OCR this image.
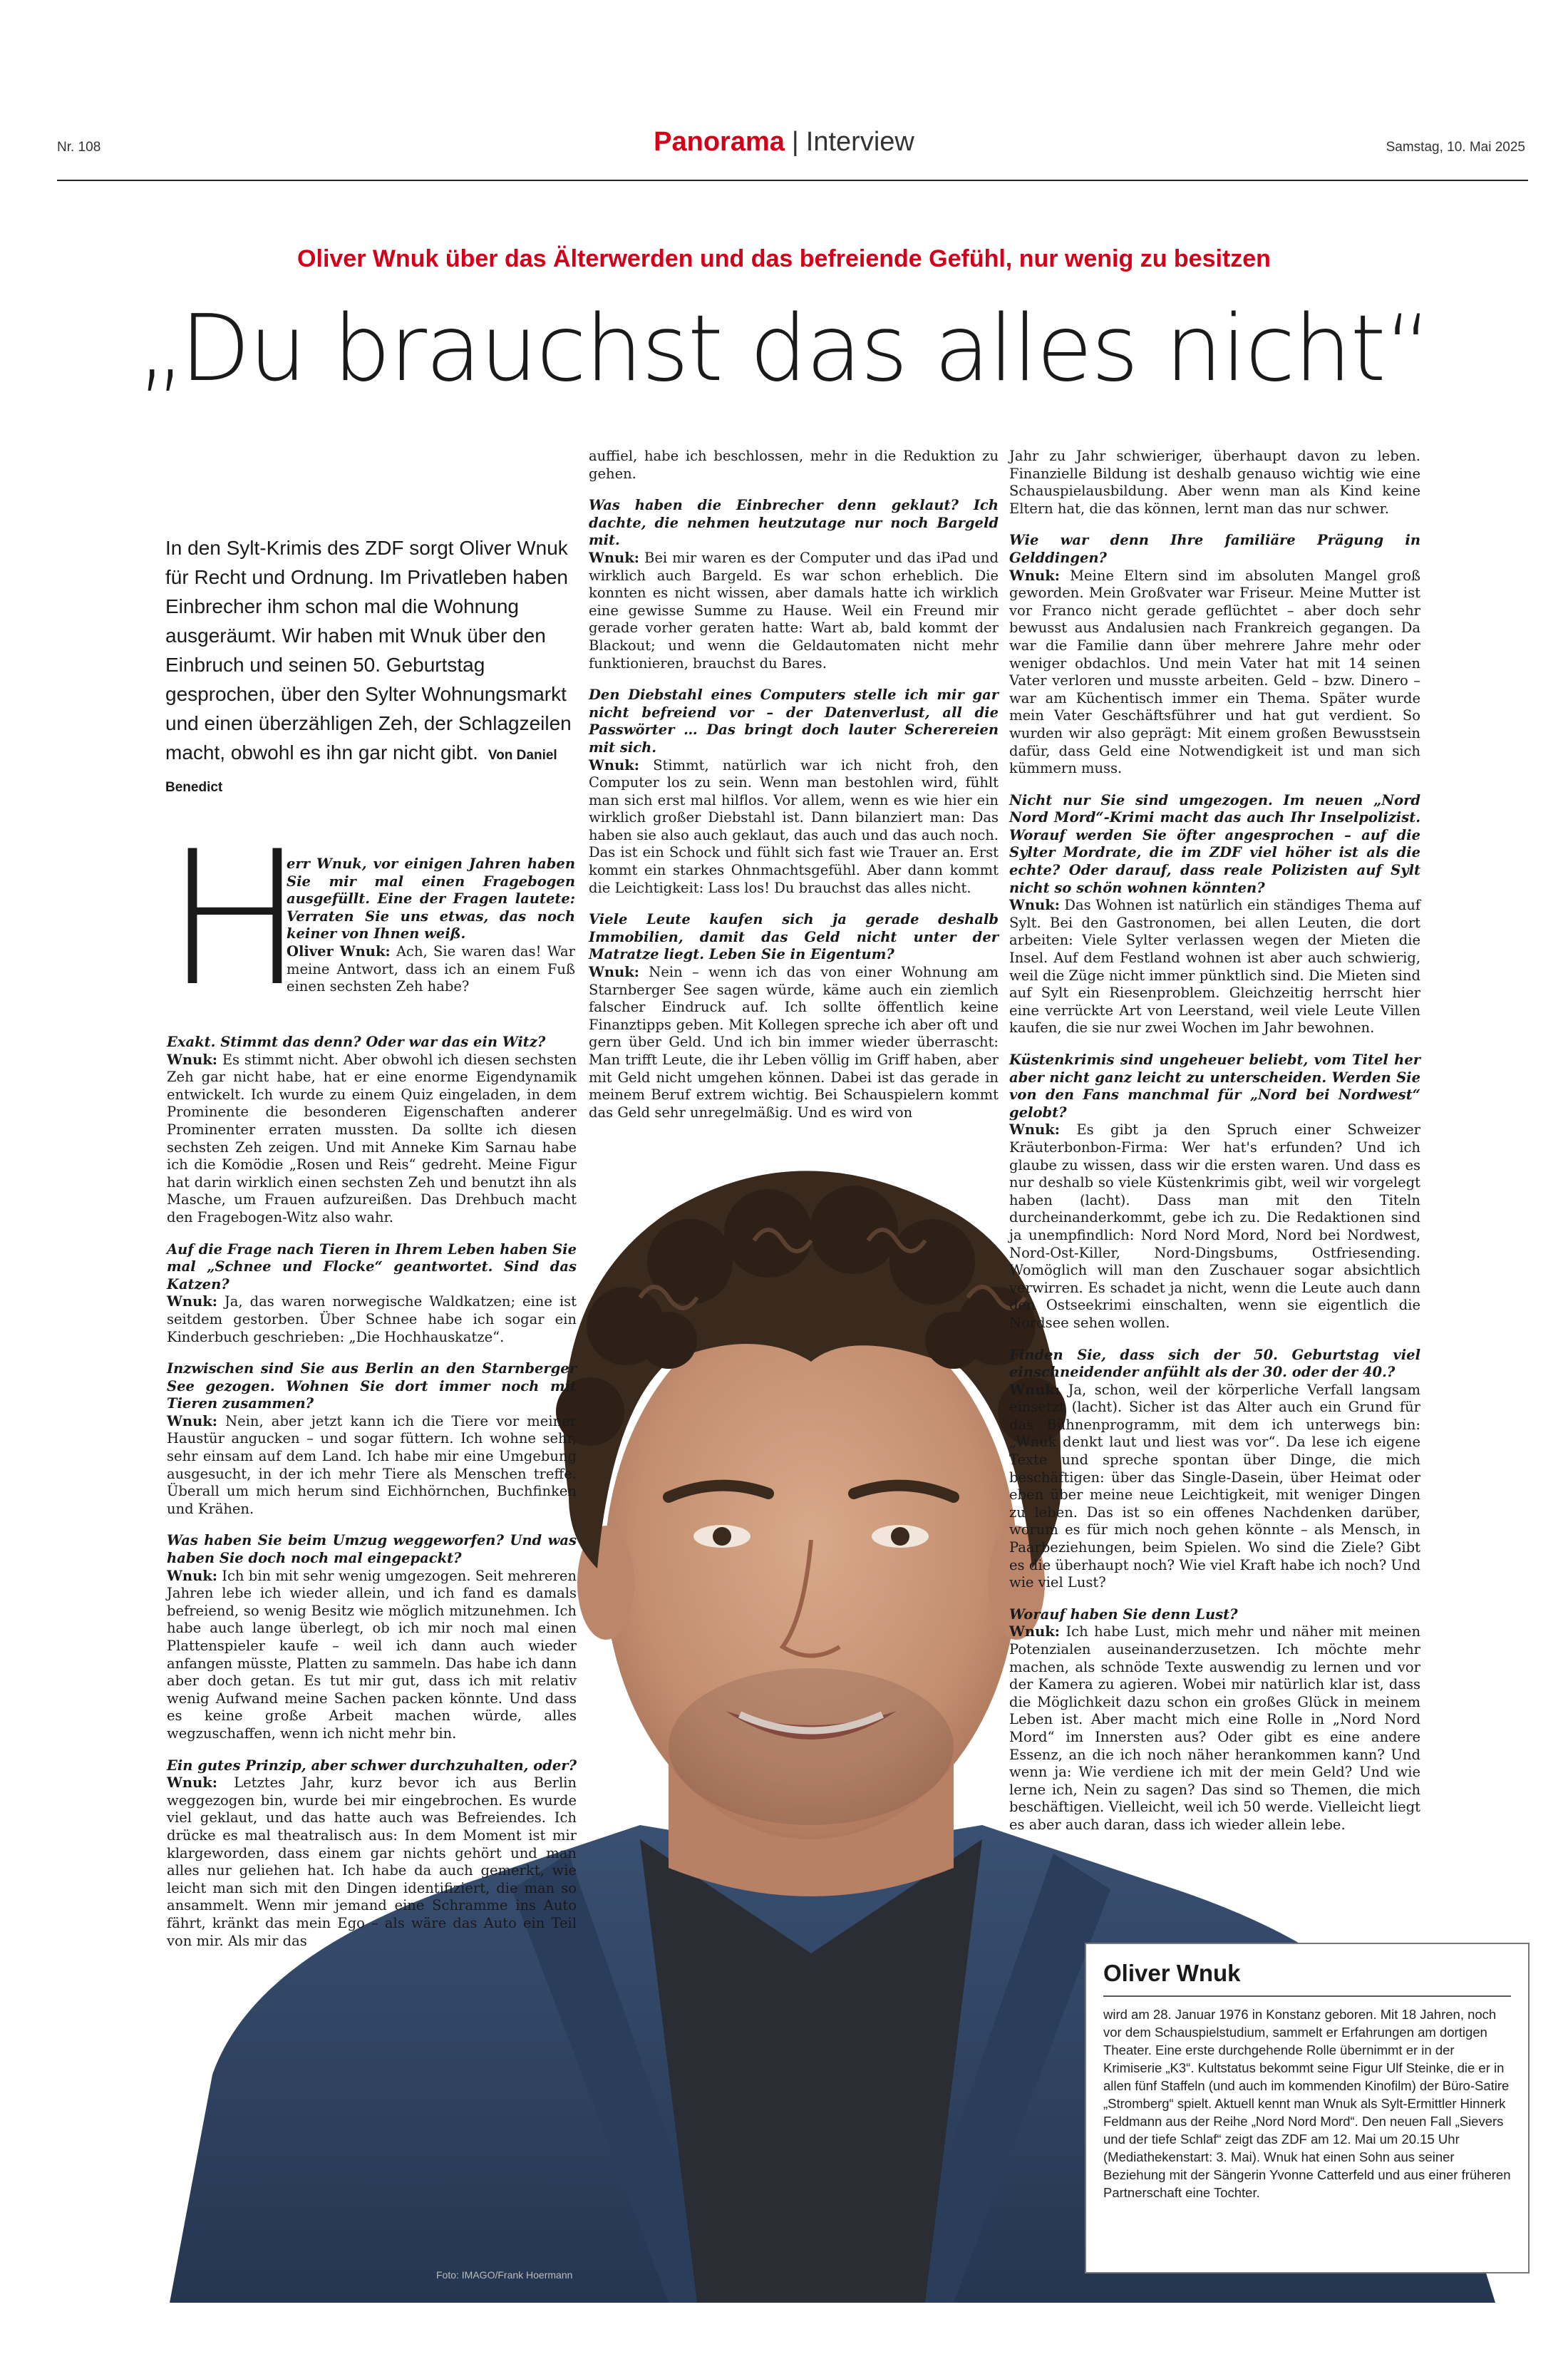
Nr. 108	Panorama | Interview	Samstag, 10. Mai 2025
Oliver Wnuk über das Älterwerden und das befreiende Gefühl, nur wenig zu besitzen
„Du brauchst das alles nicht“
In den Sylt-Krimis des ZDF sorgt Oliver Wnuk für Recht und Ordnung. Im Privatleben haben Einbrecher ihm schon mal die Wohnung ausgeräumt. Wir haben mit Wnuk über den Einbruch und seinen 50. Geburtstag gesprochen, über den Sylter Wohnungsmarkt und einen überzähligen Zeh, der Schlagzeilen macht, obwohl es ihn gar nicht gibt. Von Daniel Benedict
Foto: IMAGO/Frank Hoermann
H

err Wnuk, vor einigen Jahren haben Sie mir mal einen Fragebogen ausgefüllt. Eine der Fragen lautete: Verraten Sie uns etwas, das noch keiner von Ihnen weiß.

Oliver Wnuk: Ach, Sie waren das! War meine Antwort, dass ich an einem Fuß einen sechsten Zeh habe?

Exakt. Stimmt das denn? Oder war das ein Witz?

Wnuk: Es stimmt nicht. Aber obwohl ich diesen sechsten Zeh gar nicht habe, hat er eine enorme Eigendynamik entwickelt. Ich wurde zu einem Quiz eingeladen, in dem Prominente die besonderen Eigenschaften anderer Prominenter erraten mussten. Da sollte ich diesen sechsten Zeh zeigen. Und mit Anneke Kim Sarnau habe ich die Komödie „Rosen und Reis“ gedreht. Meine Figur hat darin wirklich einen sechsten Zeh und benutzt ihn als Masche, um Frauen aufzureißen. Das Drehbuch macht den Fragebogen-Witz also wahr.

Auf die Frage nach Tieren in Ihrem Leben haben Sie mal „Schnee und Flocke“ geantwortet. Sind das Katzen?

Wnuk: Ja, das waren norwegische Waldkatzen; eine ist seitdem gestorben. Über Schnee habe ich sogar ein Kinderbuch geschrieben: „Die Hochhauskatze“.

Inzwischen sind Sie aus Berlin an den Starnberger See gezogen. Wohnen Sie dort immer noch mit Tieren zusammen?

Wnuk: Nein, aber jetzt kann ich die Tiere vor meiner Haustür angucken – und sogar füttern. Ich wohne sehr, sehr einsam auf dem Land. Ich habe mir eine Umgebung ausgesucht, in der ich mehr Tiere als Menschen treffe. Überall um mich herum sind Eichhörnchen, Buchfinken und Krähen.

Was haben Sie beim Umzug weggeworfen? Und was haben Sie doch noch mal eingepackt?

Wnuk: Ich bin mit sehr wenig umgezogen. Seit mehreren Jahren lebe ich wieder allein, und ich fand es damals befreiend, so wenig Besitz wie möglich mitzunehmen. Ich habe auch lange überlegt, ob ich mir noch mal einen Plattenspieler kaufe – weil ich dann auch wieder anfangen müsste, Platten zu sammeln. Das habe ich dann aber doch getan. Es tut mir gut, dass ich mit relativ wenig Aufwand meine Sachen packen könnte. Und dass es keine große Arbeit machen würde, alles wegzuschaffen, wenn ich nicht mehr bin.

Ein gutes Prinzip, aber schwer durchzuhalten, oder?

Wnuk: Letztes Jahr, kurz bevor ich aus Berlin weggezogen bin, wurde bei mir eingebrochen. Es wurde viel geklaut, und das hatte auch was Befreiendes. Ich drücke es mal theatralisch aus: In dem Moment ist mir klargeworden, dass einem gar nichts gehört und man alles nur geliehen hat. Ich habe da auch gemerkt, wie leicht man sich mit den Dingen identifiziert, die man so ansammelt. Wenn mir jemand eine Schramme ins Auto fährt, kränkt das mein Ego – als wäre das Auto ein Teil von mir. Als mir das

auffiel, habe ich beschlossen, mehr in die Reduktion zu gehen.

Was haben die Einbrecher denn geklaut? Ich dachte, die nehmen heutzutage nur noch Bargeld mit.

Wnuk: Bei mir waren es der Computer und das iPad und wirklich auch Bargeld. Es war schon erheblich. Die konnten es nicht wissen, aber damals hatte ich wirklich eine gewisse Summe zu Hause. Weil ein Freund mir gerade vorher geraten hatte: Wart ab, bald kommt der Blackout; und wenn die Geldautomaten nicht mehr funktionieren, brauchst du Bares.

Den Diebstahl eines Computers stelle ich mir gar nicht befreiend vor – der Datenverlust, all die Passwörter … Das bringt doch lauter Scherereien mit sich.

Wnuk: Stimmt, natürlich war ich nicht froh, den Computer los zu sein. Wenn man bestohlen wird, fühlt man sich erst mal hilflos. Vor allem, wenn es wie hier ein wirklich großer Diebstahl ist. Dann bilanziert man: Das haben sie also auch geklaut, das auch und das auch noch. Das ist ein Schock und fühlt sich fast wie Trauer an. Erst kommt ein starkes Ohnmachtsgefühl. Aber dann kommt die Leichtigkeit: Lass los! Du brauchst das alles nicht.

Viele Leute kaufen sich ja gerade deshalb Immobilien, damit das Geld nicht unter der Matratze liegt. Leben Sie in Eigentum?

Wnuk: Nein – wenn ich das von einer Wohnung am Starnberger See sagen würde, käme auch ein ziemlich falscher Eindruck auf. Ich sollte öffentlich keine Finanztipps geben. Mit Kollegen spreche ich aber oft und gern über Geld. Und ich bin immer wieder überrascht: Man trifft Leute, die ihr Leben völlig im Griff haben, aber mit Geld nicht umgehen können. Dabei ist das gerade in meinem Beruf extrem wichtig. Bei Schauspielern kommt das Geld sehr unregelmäßig. Und es wird von

Jahr zu Jahr schwieriger, überhaupt davon zu leben. Finanzielle Bildung ist deshalb genauso wichtig wie eine Schauspielausbildung. Aber wenn man als Kind keine Eltern hat, die das können, lernt man das nur schwer.

Wie war denn Ihre familiäre Prägung in Gelddingen?

Wnuk: Meine Eltern sind im absoluten Mangel groß geworden. Mein Großvater war Friseur. Meine Mutter ist vor Franco nicht gerade geflüchtet – aber doch sehr bewusst aus Andalusien nach Frankreich gegangen. Da war die Familie dann über mehrere Jahre mehr oder weniger obdachlos. Und mein Vater hat mit 14 seinen Vater verloren und musste arbeiten. Geld – bzw. Dinero – war am Küchentisch immer ein Thema. Später wurde mein Vater Geschäftsführer und hat gut verdient. So wurden wir also geprägt: Mit einem großen Bewusstsein dafür, dass Geld eine Notwendigkeit ist und man sich kümmern muss.

Nicht nur Sie sind umgezogen. Im neuen „Nord Nord Mord“-Krimi macht das auch Ihr Inselpolizist. Worauf werden Sie öfter angesprochen – auf die Sylter Mordrate, die im ZDF viel höher ist als die echte? Oder darauf, dass reale Polizisten auf Sylt nicht so schön wohnen könnten?

Wnuk: Das Wohnen ist natürlich ein ständiges Thema auf Sylt. Bei den Gastronomen, bei allen Leuten, die dort arbeiten: Viele Sylter verlassen wegen der Mieten die Insel. Auf dem Festland wohnen ist aber auch schwierig, weil die Züge nicht immer pünktlich sind. Die Mieten sind auf Sylt ein Riesenproblem. Gleichzeitig herrscht hier eine verrückte Art von Leerstand, weil viele Leute Villen kaufen, die sie nur zwei Wochen im Jahr bewohnen.

Küstenkrimis sind ungeheuer beliebt, vom Titel her aber nicht ganz leicht zu unterscheiden. Werden Sie von den Fans manchmal für „Nord bei Nordwest“ gelobt?

Wnuk: Es gibt ja den Spruch einer Schweizer Kräuterbonbon-Firma: Wer hat's erfunden? Und ich glaube zu wissen, dass wir die ersten waren. Und dass es nur deshalb so viele Küstenkrimis gibt, weil wir vorgelegt haben (lacht). Dass man mit den Titeln durcheinanderkommt, gebe ich zu. Die Redaktionen sind ja unempfindlich: Nord Nord Mord, Nord bei Nordwest, Nord-Ost-Killer, Nord-Dingsbums, Ostfriesending. Womöglich will man den Zuschauer sogar absichtlich verwirren. Es schadet ja nicht, wenn die Leute auch dann den Ostseekrimi einschalten, wenn sie eigentlich die Nordsee sehen wollen.

Finden Sie, dass sich der 50. Geburtstag viel einschneidender anfühlt als der 30. oder der 40.?

Wnuk: Ja, schon, weil der körperliche Verfall langsam einsetzt (lacht). Sicher ist das Alter auch ein Grund für das Bühnenprogramm, mit dem ich unterwegs bin: „Wnuk denkt laut und liest was vor“. Da lese ich eigene Texte und spreche spontan über Dinge, die mich beschäftigen: über das Single-Dasein, über Heimat oder eben über meine neue Leichtigkeit, mit weniger Dingen zu leben. Das ist so ein offenes Nachdenken darüber, worum es für mich noch gehen könnte – als Mensch, in Paarbeziehungen, beim Spielen. Wo sind die Ziele? Gibt es die überhaupt noch? Wie viel Kraft habe ich noch? Und wie viel Lust?

Worauf haben Sie denn Lust?

Wnuk: Ich habe Lust, mich mehr und näher mit meinen Potenzialen auseinanderzusetzen. Ich möchte mehr machen, als schnöde Texte auswendig zu lernen und vor der Kamera zu agieren. Wobei mir natürlich klar ist, dass die Möglichkeit dazu schon ein großes Glück in meinem Leben ist. Aber macht mich eine Rolle in „Nord Nord Mord“ im Innersten aus? Oder gibt es eine andere Essenz, an die ich noch näher herankommen kann? Und wenn ja: Wie verdiene ich mit der mein Geld? Und wie lerne ich, Nein zu sagen? Das sind so Themen, die mich beschäftigen. Vielleicht, weil ich 50 werde. Vielleicht liegt es aber auch daran, dass ich wieder allein lebe.

Oliver Wnuk
wird am 28. Januar 1976 in Konstanz geboren. Mit 18 Jahren, noch vor dem Schauspielstudium, sammelt er Erfahrungen am dortigen Theater. Eine erste durchgehende Rolle übernimmt er in der Krimiserie „K3“. Kultstatus bekommt seine Figur Ulf Steinke, die er in allen fünf Staffeln (und auch im kommenden Kinofilm) der Büro-Satire „Stromberg“ spielt. Aktuell kennt man Wnuk als Sylt-Ermittler Hinnerk Feldmann aus der Reihe „Nord Nord Mord“. Den neuen Fall „Sievers und der tiefe Schlaf“ zeigt das ZDF am 12. Mai um 20.15 Uhr (Mediathekenstart: 3. Mai). Wnuk hat einen Sohn aus seiner Beziehung mit der Sängerin Yvonne Catterfeld und aus einer früheren Partnerschaft eine Tochter.
